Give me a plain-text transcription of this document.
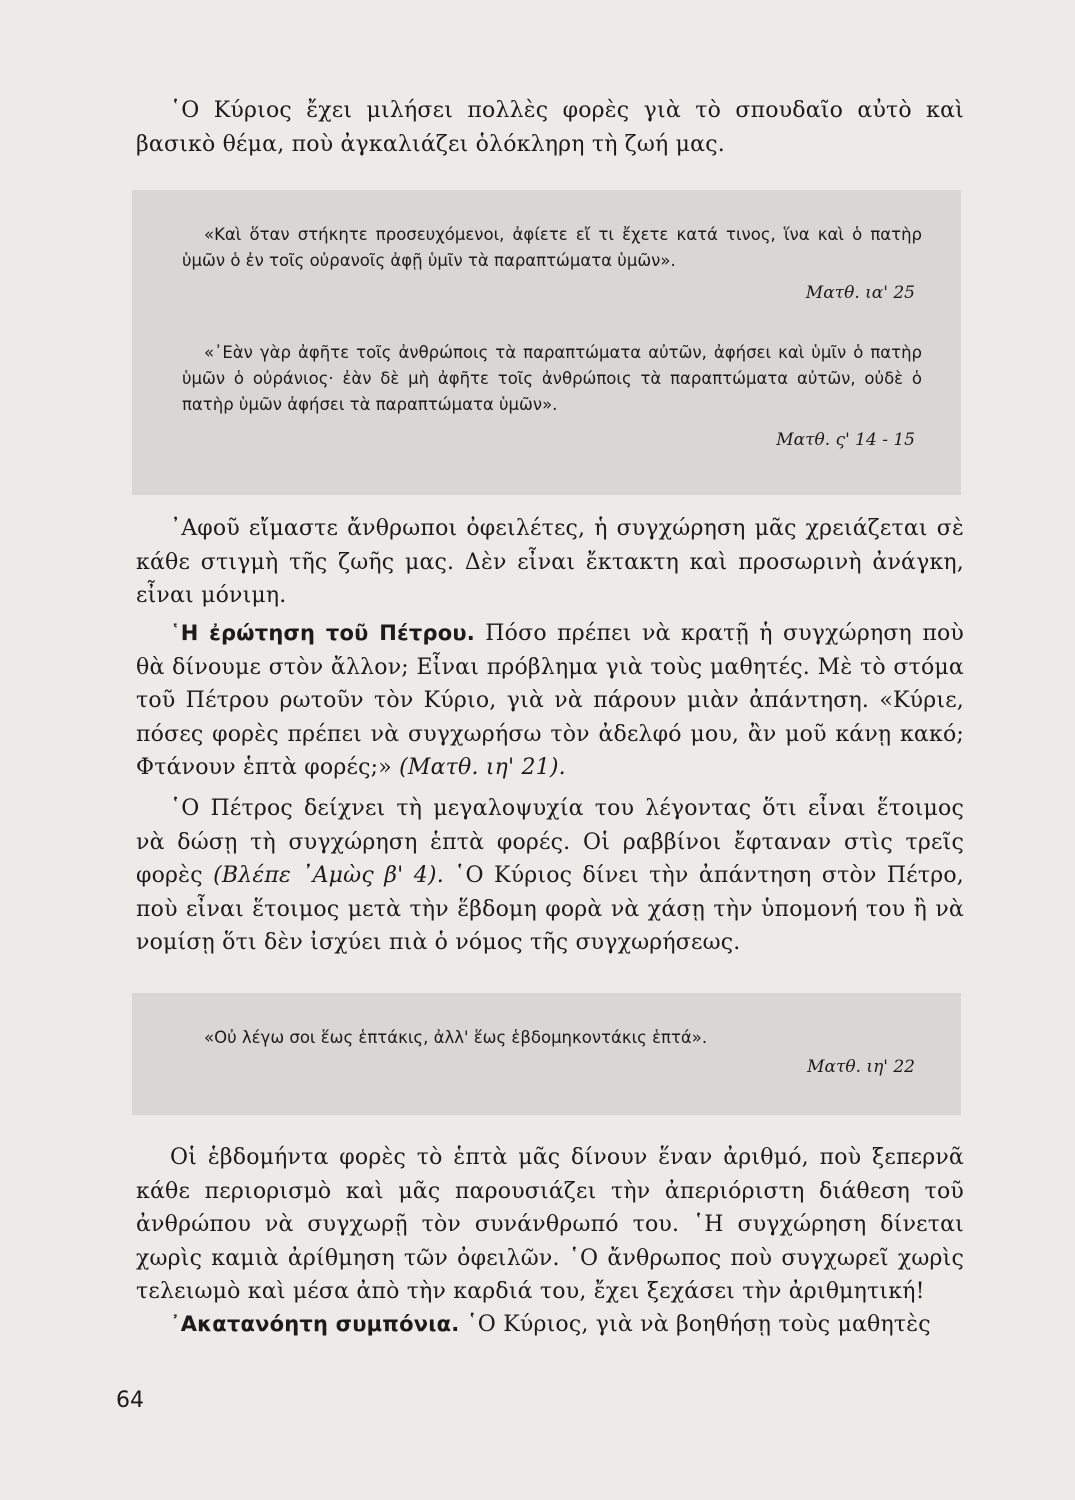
῾Ο Κύριος ἔχει μιλήσει πολλὲς φορὲς γιὰ τὸ σπουδαῖο αὐτὸ καὶ βασικὸ θέμα, ποὺ ἀγκαλιάζει ὁλόκληρη τὴ ζωή μας.

«Καὶ ὅταν στήκητε προσευχόμενοι, ἀφίετε εἴ τι ἔχετε κατά τινος, ἵνα καὶ ὁ πατὴρ ὑμῶν ὁ ἐν τοῖς οὐρανοῖς ἀφῇ ὑμῖν τὰ παραπτώματα ὑμῶν».

Ματθ. ια' 25

«᾿Εὰν γὰρ ἀφῆτε τοῖς ἀνθρώποις τὰ παραπτώματα αὐτῶν, ἀφήσει καὶ ὑμῖν ὁ πατὴρ ὑμῶν ὁ οὐράνιος· ἐὰν δὲ μὴ ἀφῆτε τοῖς ἀνθρώποις τὰ παραπτώματα αὐτῶν, οὐδὲ ὁ πατὴρ ὑμῶν ἀφήσει τὰ παραπτώματα ὑμῶν».

Ματθ. ς' 14 - 15

᾿Αφοῦ εἴμαστε ἄνθρωποι ὀφειλέτες, ἡ συγχώρηση μᾶς χρειάζεται σὲ κάθε στιγμὴ τῆς ζωῆς μας. Δὲν εἶναι ἔκτακτη καὶ προσωρινὴ ἀνάγκη, εἶναι μόνιμη.

῾Η ἐρώτηση τοῦ Πέτρου. Πόσο πρέπει νὰ κρατῇ ἡ συγχώρηση ποὺ θὰ δίνουμε στὸν ἄλλον; Εἶναι πρόβλημα γιὰ τοὺς μαθητές. Μὲ τὸ στόμα τοῦ Πέτρου ρωτοῦν τὸν Κύριο, γιὰ νὰ πάρουν μιὰν ἀπάντηση. «Κύριε, πόσες φορὲς πρέπει νὰ συγχωρήσω τὸν ἀδελφό μου, ἂν μοῦ κάνῃ κακό; Φτάνουν ἑπτὰ φορές;» (Ματθ. ιη' 21).

῾Ο Πέτρος δείχνει τὴ μεγαλοψυχία του λέγοντας ὅτι εἶναι ἕτοιμος νὰ δώσῃ τὴ συγχώρηση ἑπτὰ φορές. Οἱ ραββίνοι ἔφταναν στὶς τρεῖς φορὲς (Βλέπε ᾿Αμὼς β' 4). ῾Ο Κύριος δίνει τὴν ἀπάντηση στὸν Πέτρο, ποὺ εἶναι ἕτοιμος μετὰ τὴν ἕβδομη φορὰ νὰ χάσῃ τὴν ὑπομονή του ἢ νὰ νομίσῃ ὅτι δὲν ἰσχύει πιὰ ὁ νόμος τῆς συγχωρήσεως.

«Οὐ λέγω σοι ἕως ἑπτάκις, ἀλλ' ἕως ἑβδομηκοντάκις ἑπτά».

Ματθ. ιη' 22

Οἱ ἑβδομήντα φορὲς τὸ ἑπτὰ μᾶς δίνουν ἕναν ἀριθμό, ποὺ ξεπερνᾶ κάθε περιορισμὸ καὶ μᾶς παρουσιάζει τὴν ἀπεριόριστη διάθεση τοῦ ἀνθρώπου νὰ συγχωρῇ τὸν συνάνθρωπό του. ῾Η συγχώρηση δίνεται χωρὶς καμιὰ ἀρίθμηση τῶν ὀφειλῶν. ῾Ο ἄνθρωπος ποὺ συγχωρεῖ χωρὶς τελειωμὸ καὶ μέσα ἀπὸ τὴν καρδιά του, ἔχει ξεχάσει τὴν ἀριθμητική!

᾿Ακατανόητη συμπόνια. ῾Ο Κύριος, γιὰ νὰ βοηθήσῃ τοὺς μαθητὲς

64
